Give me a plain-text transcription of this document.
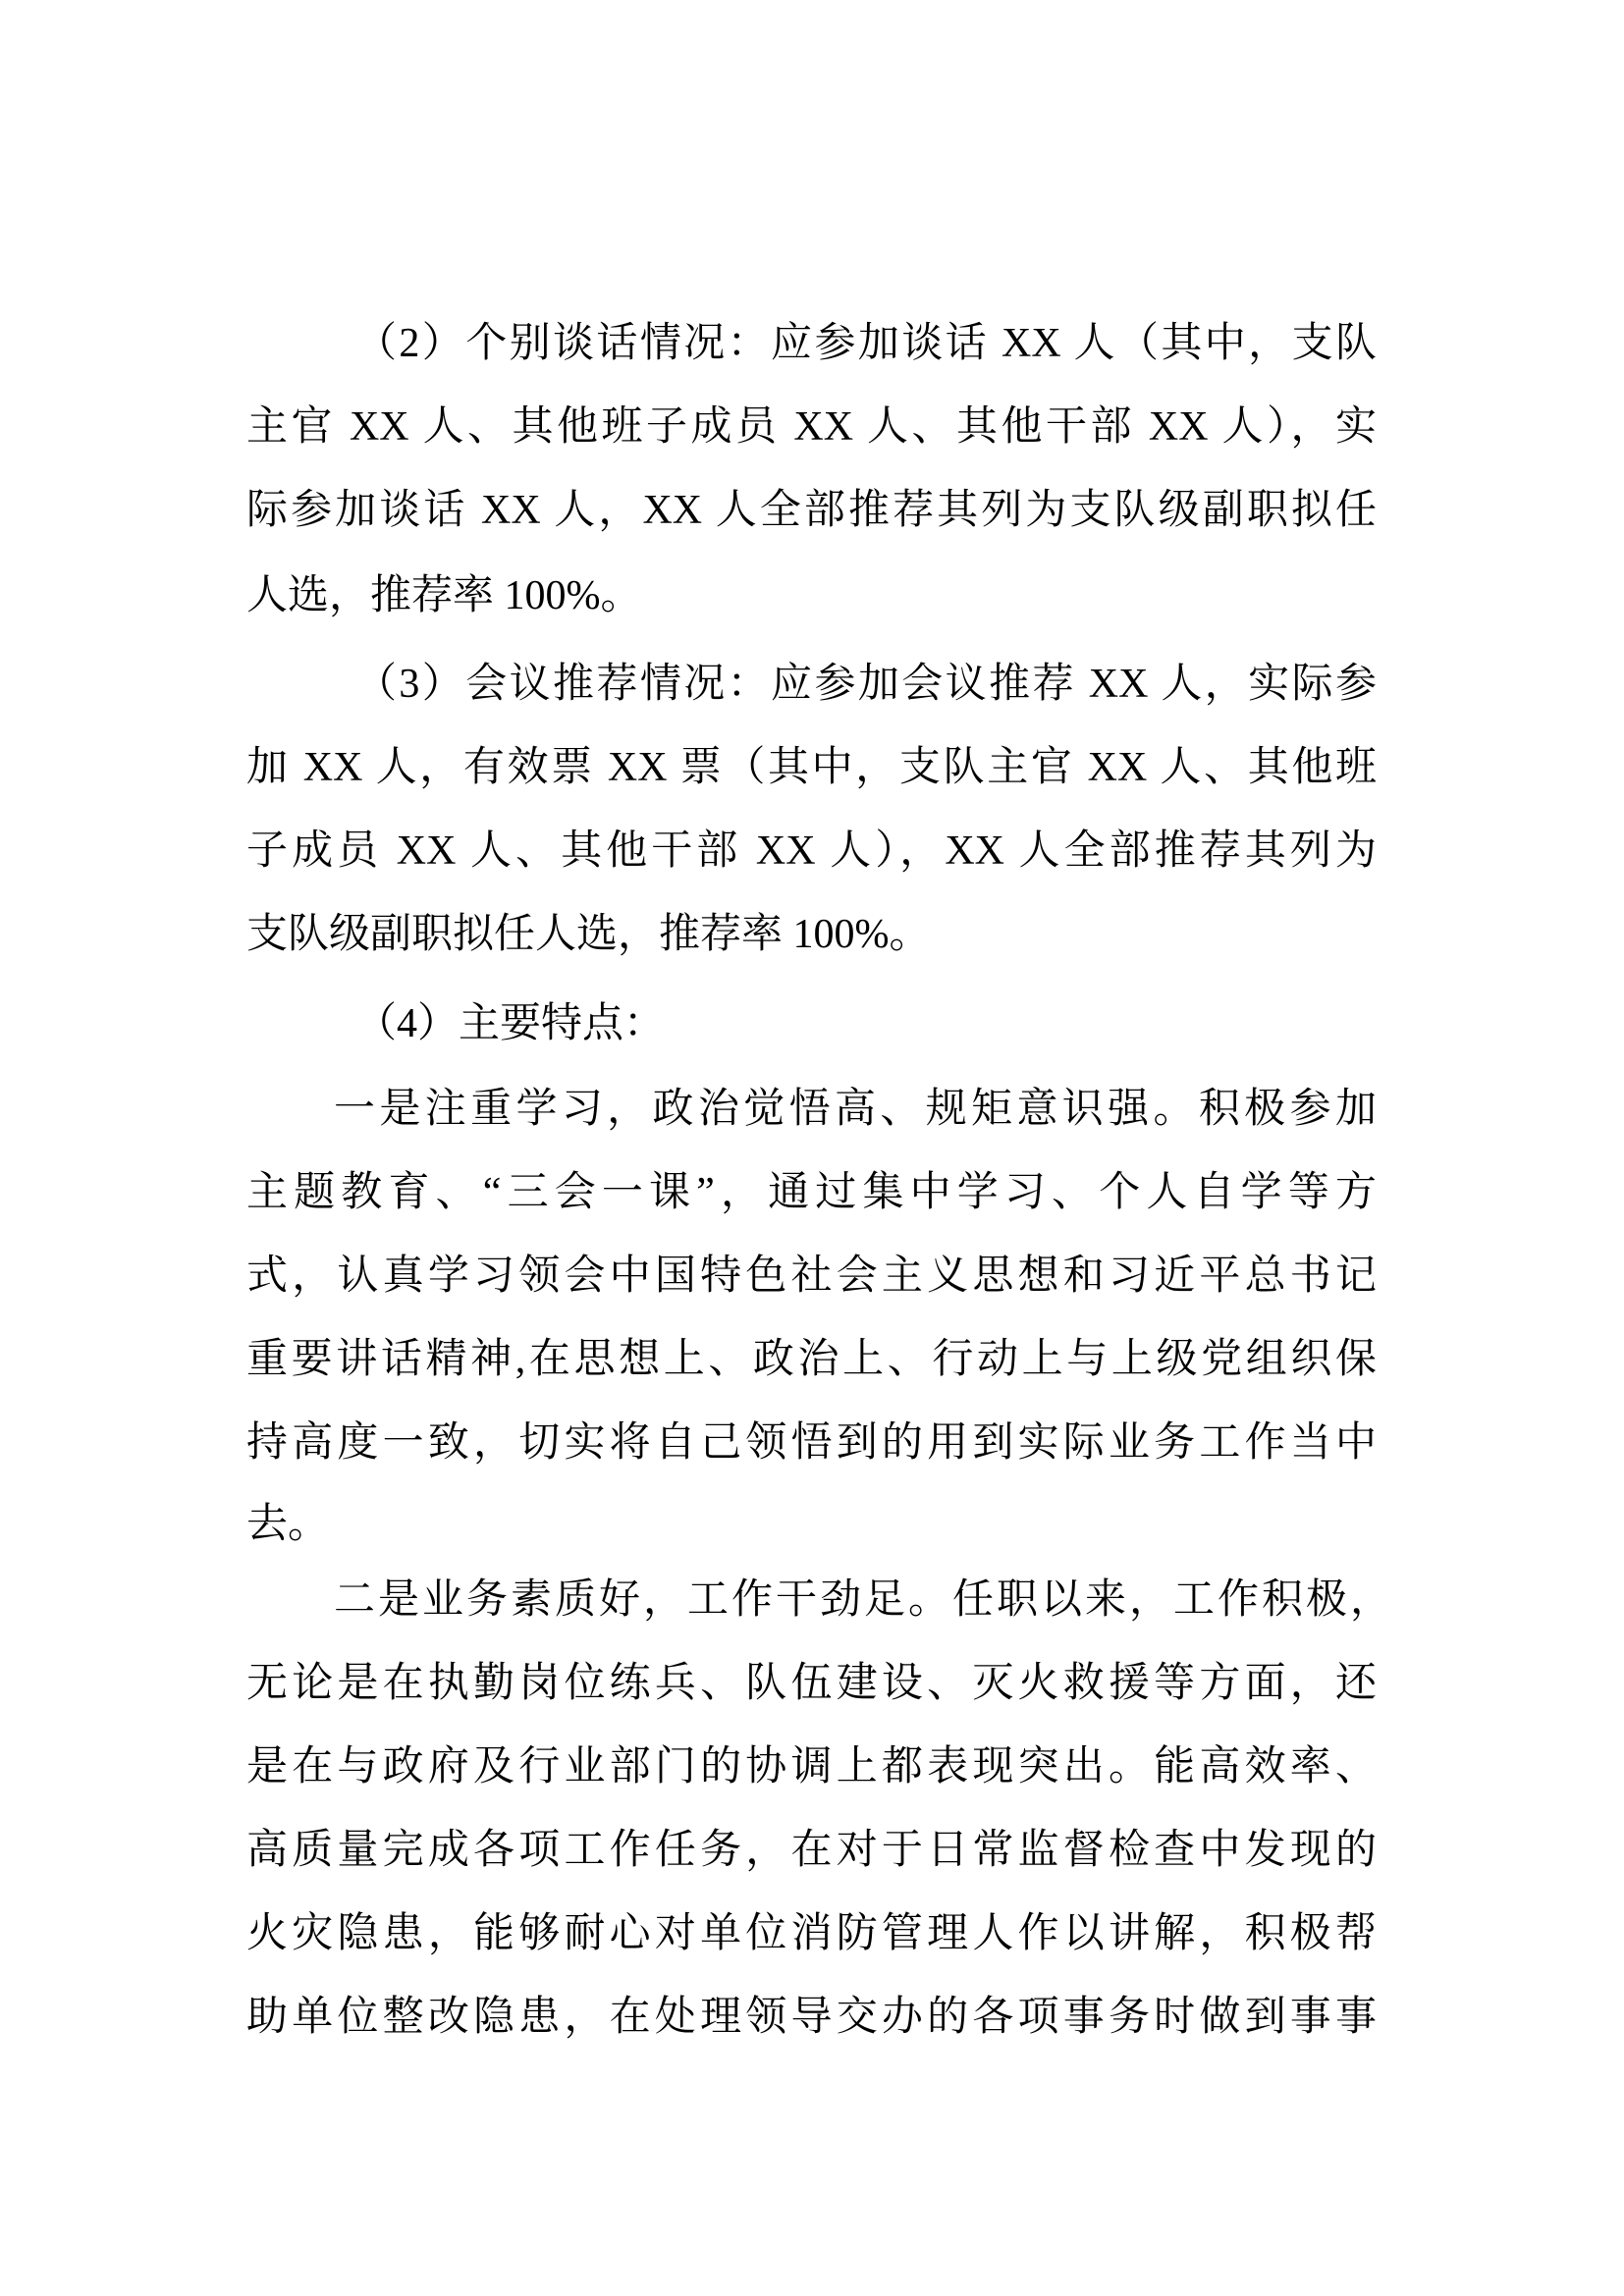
（2）个别谈话情况：应参加谈话 XX 人（其中，支队
主官 XX 人、其他班子成员 XX 人、其他干部 XX 人），实
际参加谈话 XX 人，XX 人全部推荐其列为支队级副职拟任
人选，推荐率 100%。
（3）会议推荐情况：应参加会议推荐 XX 人，实际参
加 XX 人，有效票 XX 票（其中，支队主官 XX 人、其他班
子成员 XX 人、其他干部 XX 人），XX 人全部推荐其列为
支队级副职拟任人选，推荐率 100%。
（4）主要特点：
一是注重学习，政治觉悟高、规矩意识强。积极参加
主题教育、“三会一课”，通过集中学习、个人自学等方
式，认真学习领会中国特色社会主义思想和习近平总书记
重要讲话精神,在思想上、政治上、行动上与上级党组织保
持高度一致，切实将自己领悟到的用到实际业务工作当中
去。
二是业务素质好，工作干劲足。任职以来，工作积极，
无论是在执勤岗位练兵、队伍建设、灭火救援等方面，还
是在与政府及行业部门的协调上都表现突出。能高效率、
高质量完成各项工作任务，在对于日常监督检查中发现的
火灾隐患，能够耐心对单位消防管理人作以讲解，积极帮
助单位整改隐患，在处理领导交办的各项事务时做到事事
